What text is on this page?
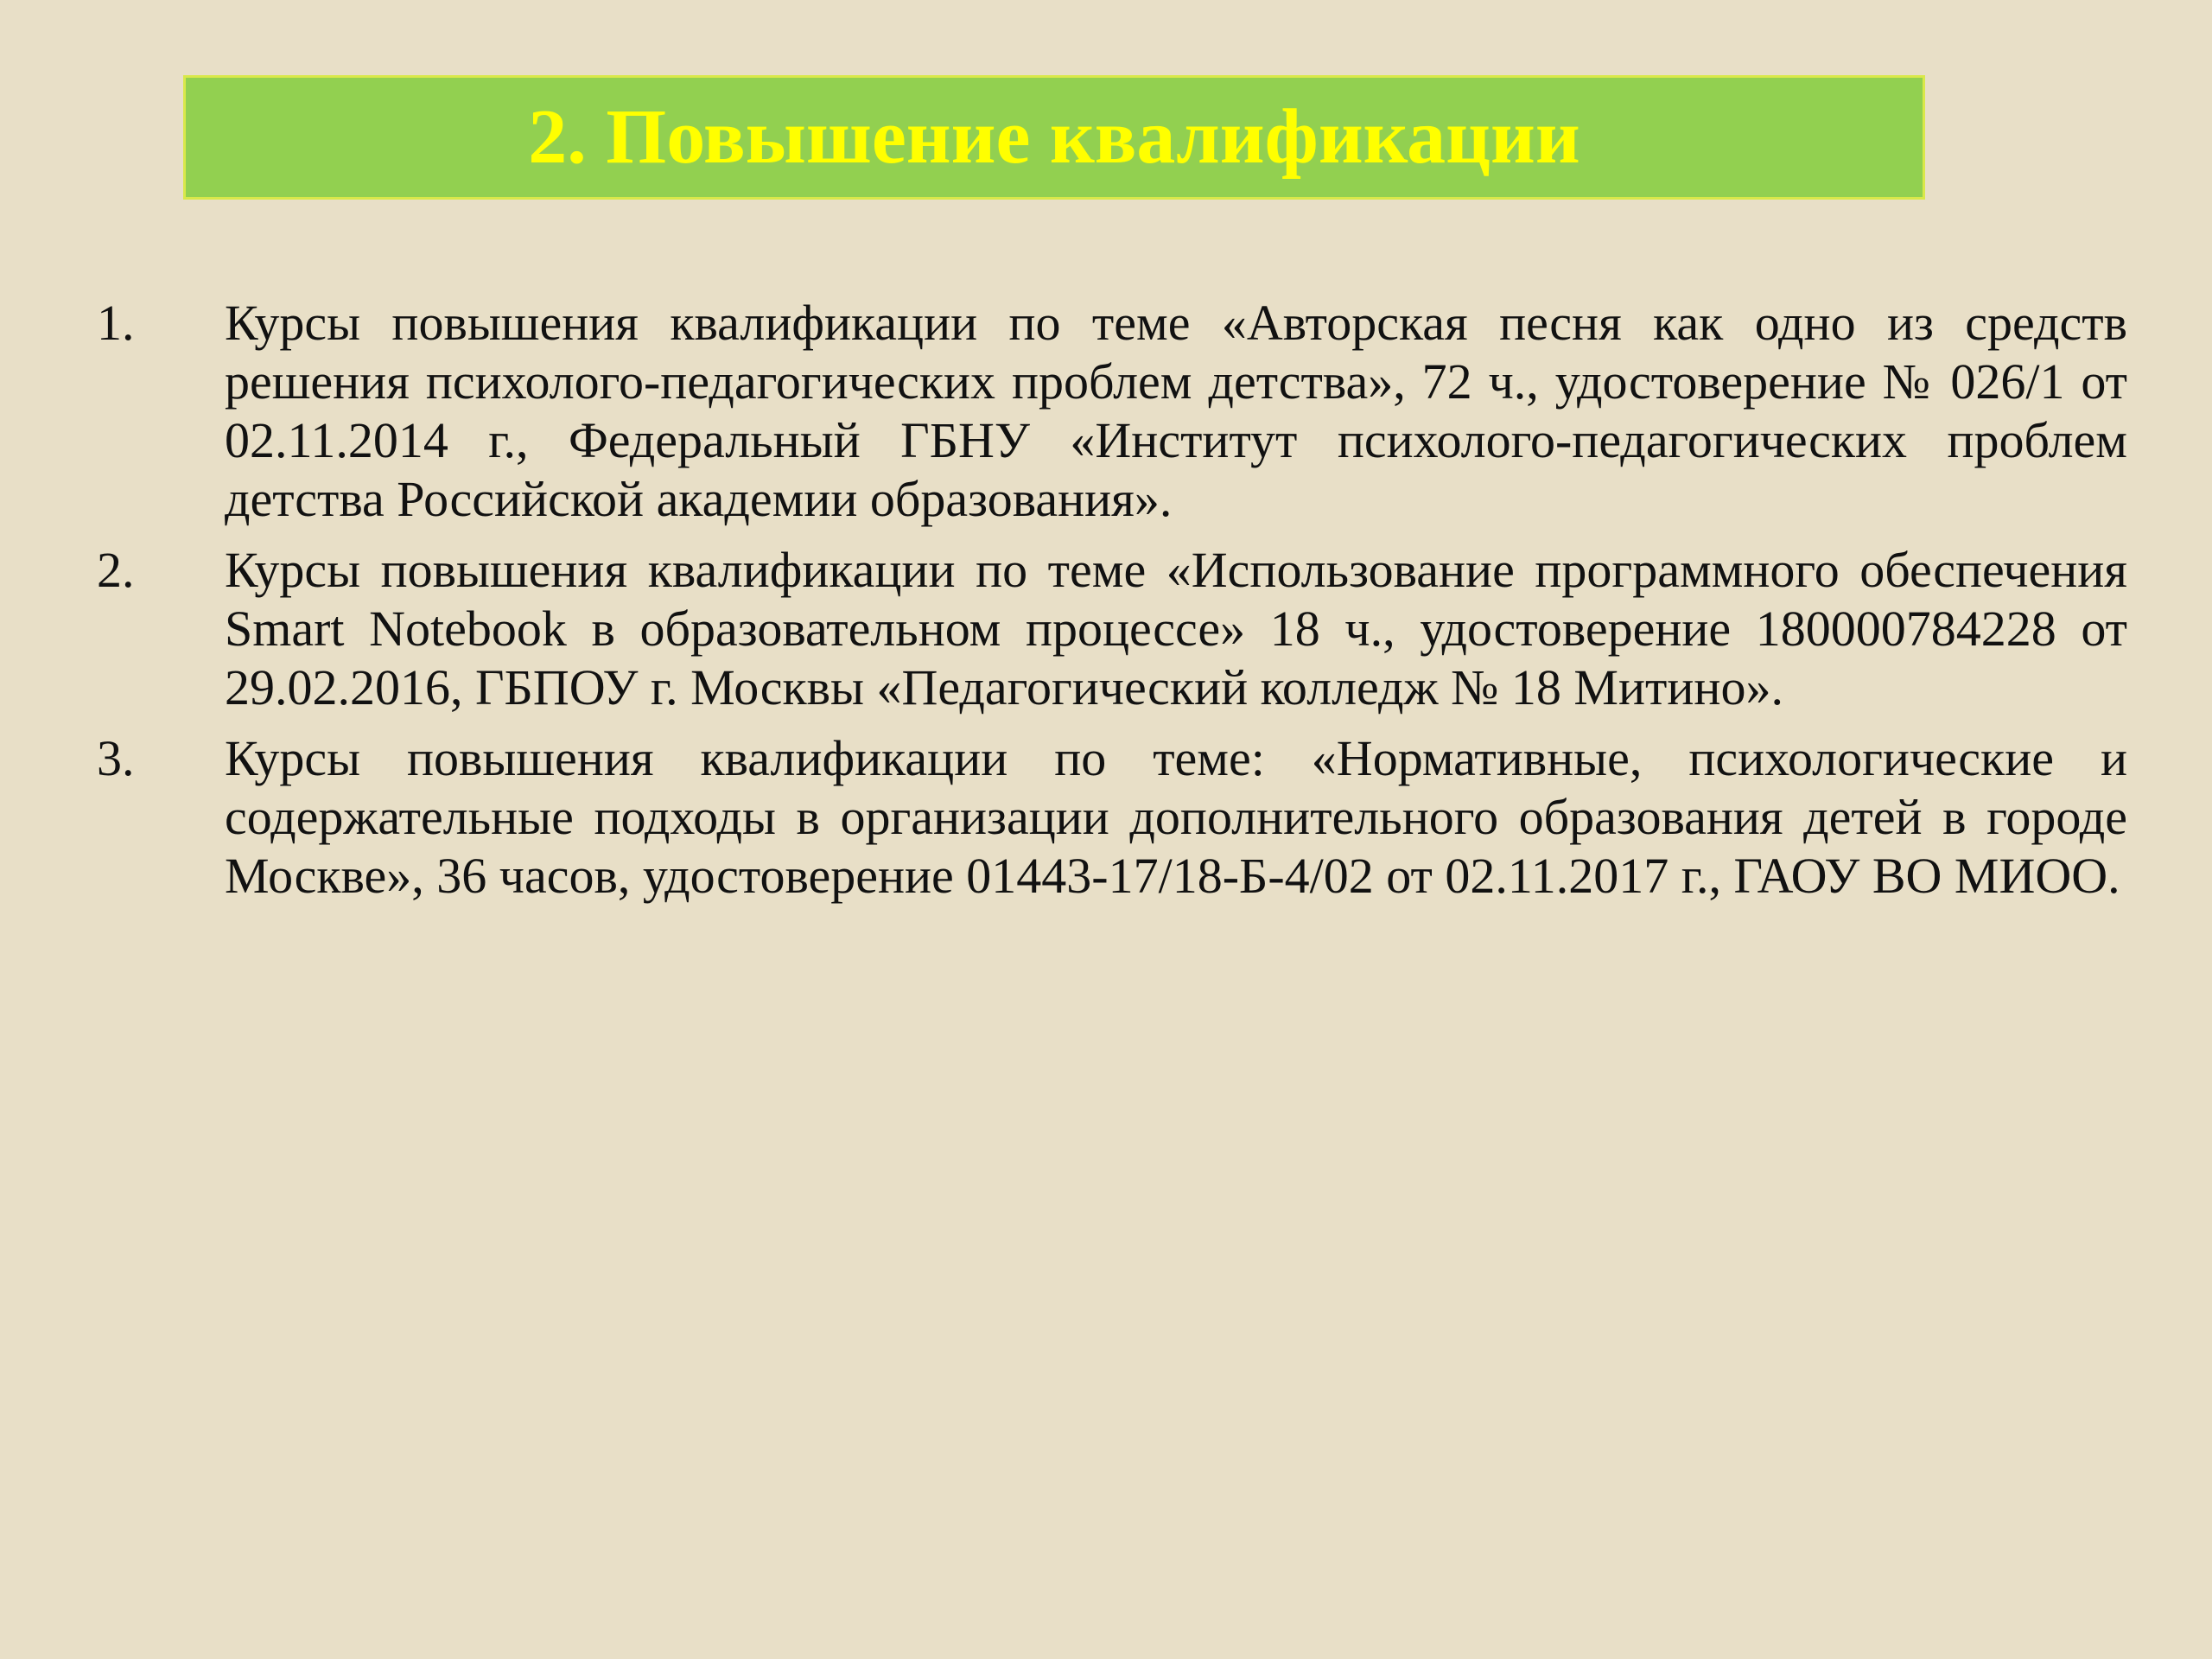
2. Повышение квалификации
1. Курсы повышения квалификации по теме «Авторская песня как одно из средств решения психолого-педагогических проблем детства», 72 ч., удостоверение № 026/1 от 02.11.2014 г., Федеральный ГБНУ «Институт психолого-педагогических проблем детства Российской академии образования».
2. Курсы повышения квалификации по теме «Использование программного обеспечения Smart Notebook в образовательном процессе» 18 ч., удостоверение 180000784228 от 29.02.2016, ГБПОУ г. Москвы «Педагогический колледж № 18 Митино».
3. Курсы повышения квалификации по теме: «Нормативные, психологические и содержательные подходы в организации дополнительного образования детей в городе Москве», 36 часов, удостоверение 01443-17/18-Б-4/02 от 02.11.2017 г., ГАОУ ВО МИОО.
